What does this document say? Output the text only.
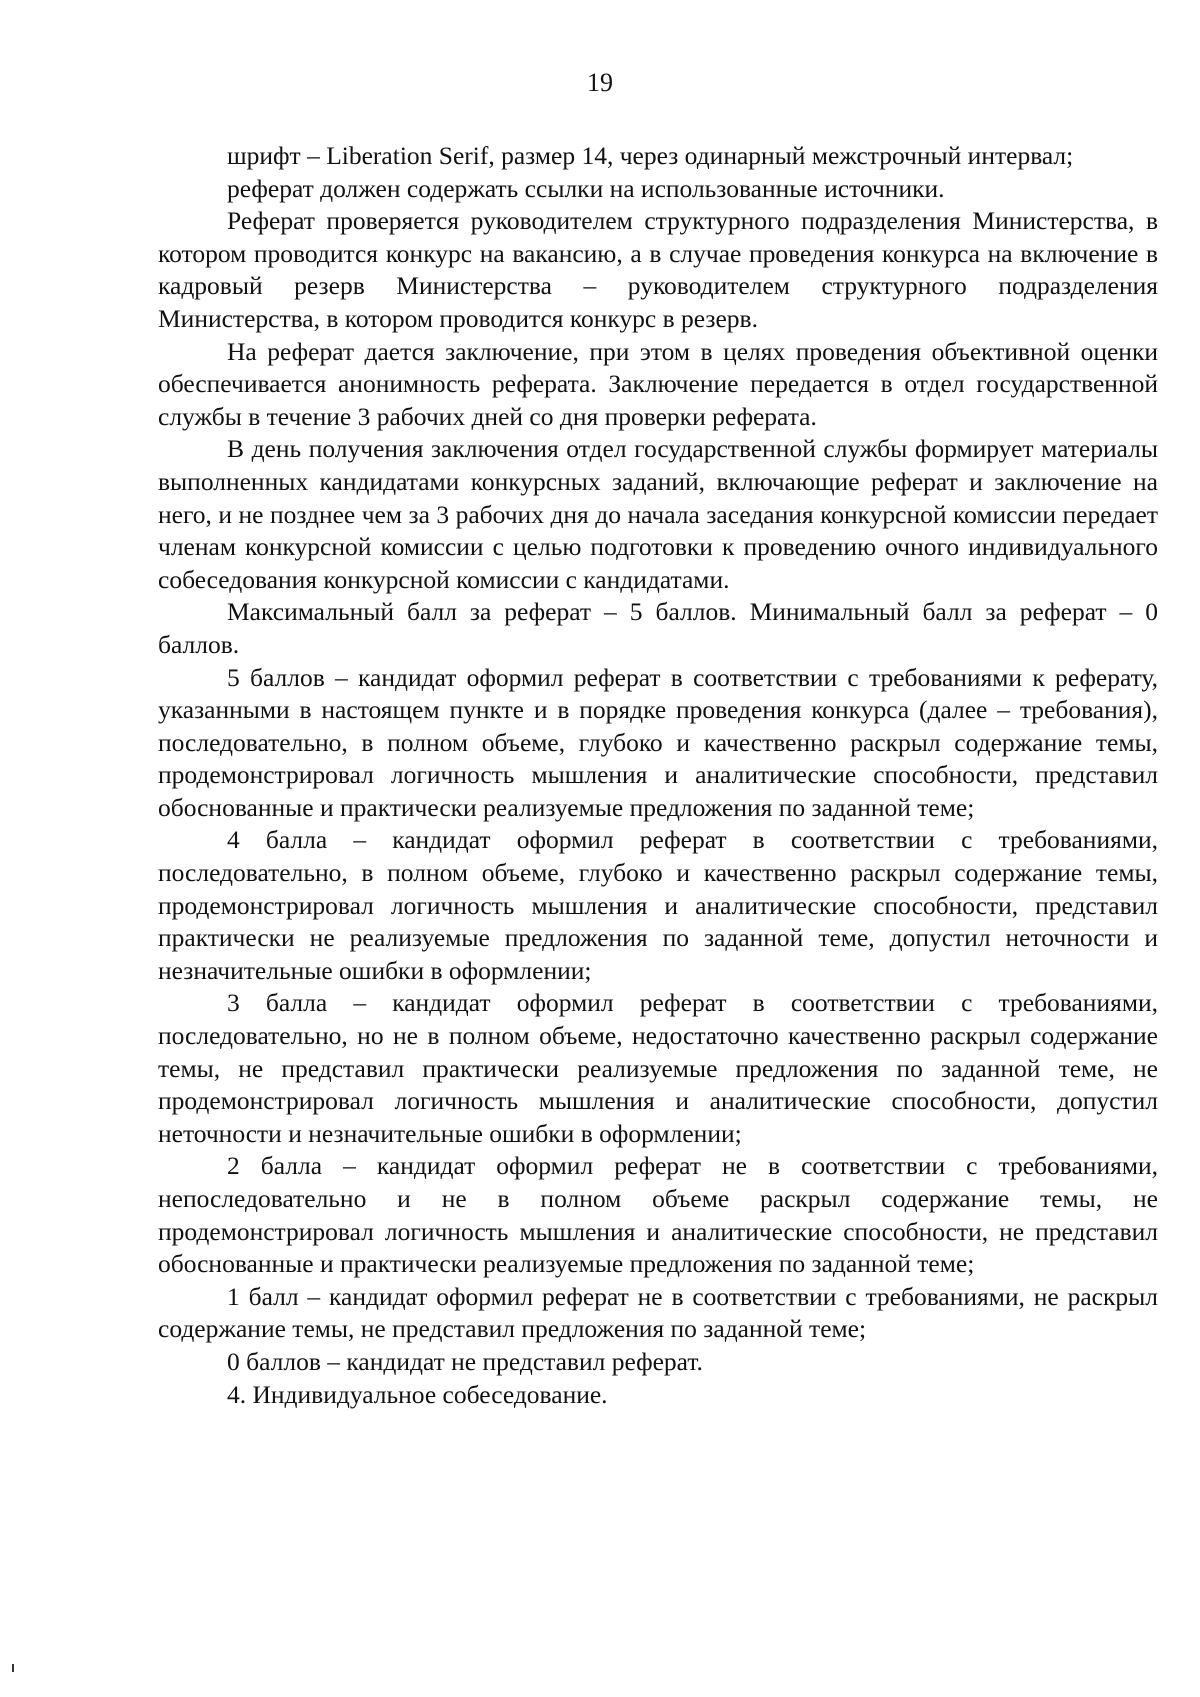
19

шрифт – Liberation Serif, размер 14, через одинарный межстрочный интервал;

реферат должен содержать ссылки на использованные источники.

Реферат проверяется руководителем структурного подразделения Министерства, в котором проводится конкурс на вакансию, а в случае проведения конкурса на включение в кадровый резерв Министерства – руководителем структурного подразделения Министерства, в котором проводится конкурс в резерв.

На реферат дается заключение, при этом в целях проведения объективной оценки обеспечивается анонимность реферата. Заключение передается в отдел государственной службы в течение 3 рабочих дней со дня проверки реферата.

В день получения заключения отдел государственной службы формирует материалы выполненных кандидатами конкурсных заданий, включающие реферат и заключение на него, и не позднее чем за 3 рабочих дня до начала заседания конкурсной комиссии передает членам конкурсной комиссии с целью подготовки к проведению очного индивидуального собеседования конкурсной комиссии с кандидатами.

Максимальный балл за реферат – 5 баллов. Минимальный балл за реферат – 0 баллов.

5 баллов – кандидат оформил реферат в соответствии с требованиями к реферату, указанными в настоящем пункте и в порядке проведения конкурса (далее – требования), последовательно, в полном объеме, глубоко и качественно раскрыл содержание темы, продемонстрировал логичность мышления и аналитические способности, представил обоснованные и практически реализуемые предложения по заданной теме;

4 балла – кандидат оформил реферат в соответствии с требованиями, последовательно, в полном объеме, глубоко и качественно раскрыл содержание темы, продемонстрировал логичность мышления и аналитические способности, представил практически не реализуемые предложения по заданной теме, допустил неточности и незначительные ошибки в оформлении;

3 балла – кандидат оформил реферат в соответствии с требованиями, последовательно, но не в полном объеме, недостаточно качественно раскрыл содержание темы, не представил практически реализуемые предложения по заданной теме, не продемонстрировал логичность мышления и аналитические способности, допустил неточности и незначительные ошибки в оформлении;

2 балла – кандидат оформил реферат не в соответствии с требованиями, непоследовательно и не в полном объеме раскрыл содержание темы, не продемонстрировал логичность мышления и аналитические способности, не представил обоснованные и практически реализуемые предложения по заданной теме;

1 балл – кандидат оформил реферат не в соответствии с требованиями, не раскрыл содержание темы, не представил предложения по заданной теме;

0 баллов – кандидат не представил реферат.

4. Индивидуальное собеседование.
